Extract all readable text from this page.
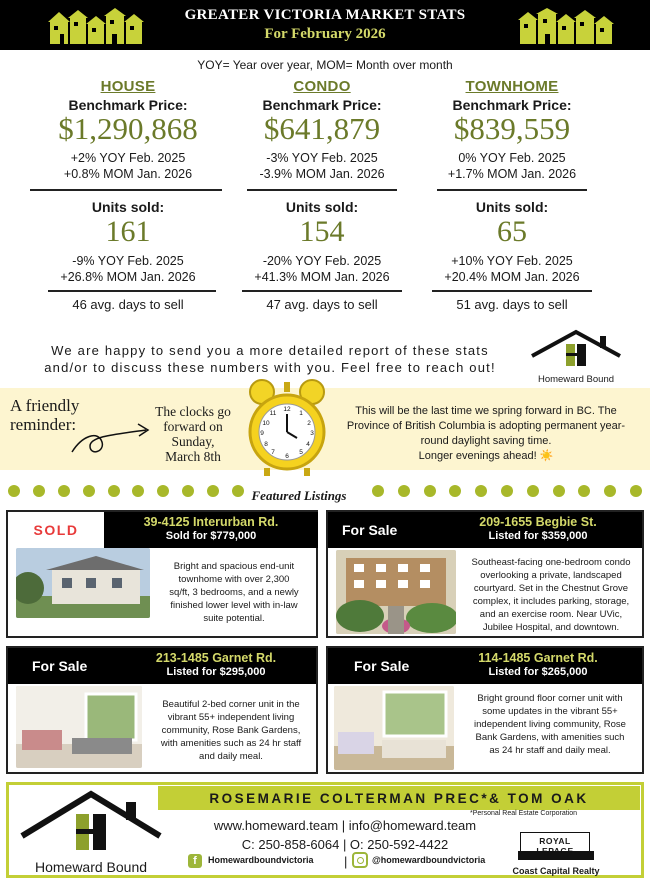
GREATER VICTORIA MARKET STATS
For February 2026
YOY= Year over year, MOM= Month over month
HOUSE
Benchmark Price:
$1,290,868
+2% YOY Feb. 2025
+0.8% MOM Jan. 2026
Units sold:
161
-9% YOY Feb. 2025
+26.8% MOM Jan. 2026
46 avg. days to sell
CONDO
Benchmark Price:
$641,879
-3% YOY Feb. 2025
-3.9% MOM Jan. 2026
Units sold:
154
-20% YOY Feb. 2025
+41.3% MOM Jan. 2026
47 avg. days to sell
TOWNHOME
Benchmark Price:
$839,559
0% YOY Feb. 2025
+1.7% MOM Jan. 2026
Units sold:
65
+10% YOY Feb. 2025
+20.4% MOM Jan. 2026
51 avg. days to sell
We are happy to send you a more detailed report of these stats
and/or to discuss these numbers with you. Feel free to reach out!
Homeward Bound
A friendly
reminder:
The clocks go
forward on
Sunday,
March 8th
12
1
2
3
4
5
6
7
8
9
10
11	This will be the last time we spring forward in BC. The
Province of British Columbia is adopting permanent year-
round daylight saving time.
Longer evenings ahead! ☀️
Featured Listings
SOLD	39-4125 Interurban Rd.
Sold for $779,000
Bright and spacious end-unit
townhome with over 2,300
sq/ft, 3 bedrooms, and a newly
finished lower level with in-law
suite potential.
For Sale	209-1655 Begbie St.
Listed for $359,000
Southeast-facing one-bedroom condo
overlooking a private, landscaped
courtyard. Set in the Chestnut Grove
complex, it includes parking, storage,
and an exercise room. Near UVic,
Jubilee Hospital, and downtown.
For Sale	213-1485 Garnet Rd.
Listed for $295,000
Beautiful 2-bed corner unit in the
vibrant 55+ independent living
community, Rose Bank Gardens,
with amenities such as 24 hr staff
and daily meal.
For Sale	114-1485 Garnet Rd.
Listed for $265,000
Bright ground floor corner unit with
some updates in the vibrant 55+
independent living community, Rose
Bank Gardens, with amenities such
as 24 hr staff and daily meal.
Homeward Bound
ROSEMARIE COLTERMAN PREC*& TOM OAK
*Personal Real Estate Corporation
www.homeward.team | info@homeward.team
C: 250-858-6064 | O: 250-592-4422
f	Homewardboundvictoria |	@homewardboundvictoria
ROYAL
Coast Capital Realty
